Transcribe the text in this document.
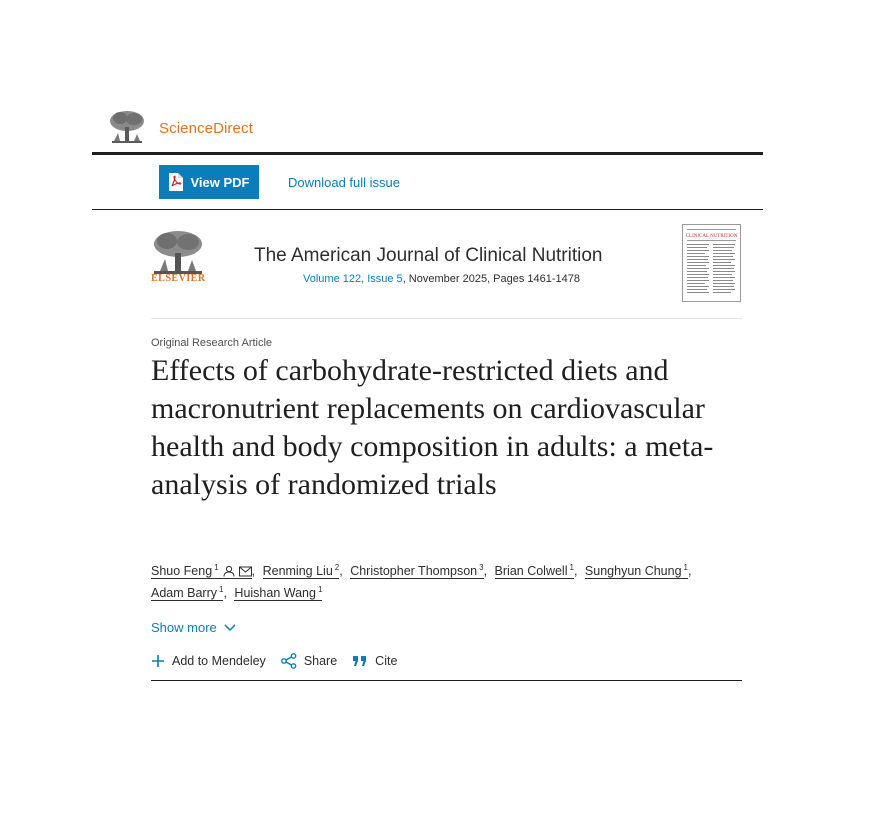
ScienceDirect
View PDF	Download full issue
ELSEVIER
The American Journal of Clinical Nutrition
Volume 122, Issue 5, November 2025, Pages 1461-1478
CLINICAL NUTRITION
Original Research Article
Effects of carbohydrate-restricted diets and macronutrient replacements on cardiovascular health and body composition in adults: a meta-analysis of randomized trials
Shuo Feng $^1$	, Renming Liu $^2$, Christopher Thompson $^3$, Brian Colwell $^1$, Sunghyun Chung $^1$,
Adam Barry $^1$, Huishan Wang $^1$
Show more
Add to Mendeley	Share	Cite
